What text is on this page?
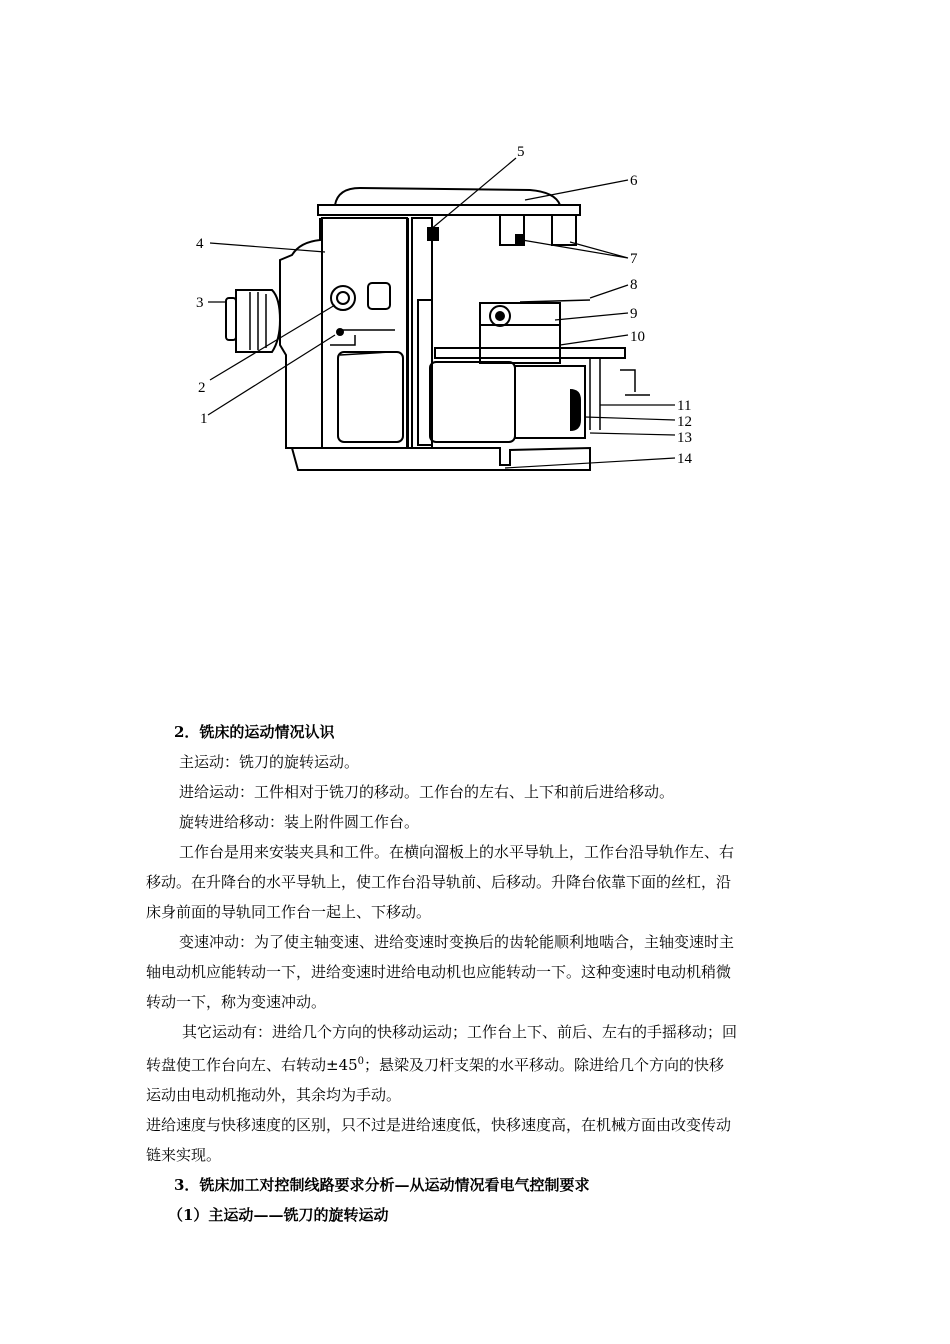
5
6
4
7
3
8
9
10
2
1
11
12
13
14
2．铣床的运动情况认识
主运动：铣刀的旋转运动。
进给运动：工件相对于铣刀的移动。工作台的左右、上下和前后进给移动。
旋转进给移动：装上附件圆工作台。
工作台是用来安装夹具和工件。在横向溜板上的水平导轨上，工作台沿导轨作左、右
移动。在升降台的水平导轨上，使工作台沿导轨前、后移动。升降台依靠下面的丝杠，沿
床身前面的导轨同工作台一起上、下移动。
变速冲动：为了使主轴变速、进给变速时变换后的齿轮能顺利地啮合，主轴变速时主
轴电动机应能转动一下，进给变速时进给电动机也应能转动一下。这种变速时电动机稍微
转动一下，称为变速冲动。
其它运动有：进给几个方向的快移动运动；工作台上下、前后、左右的手摇移动；回
转盘使工作台向左、右转动$\pm 45^0$；悬梁及刀杆支架的水平移动。除进给几个方向的快移
运动由电动机拖动外，其余均为手动。
进给速度与快移速度的区别，只不过是进给速度低，快移速度高，在机械方面由改变传动
链来实现。
3．铣床加工对控制线路要求分析—从运动情况看电气控制要求
（1）主运动——铣刀的旋转运动
